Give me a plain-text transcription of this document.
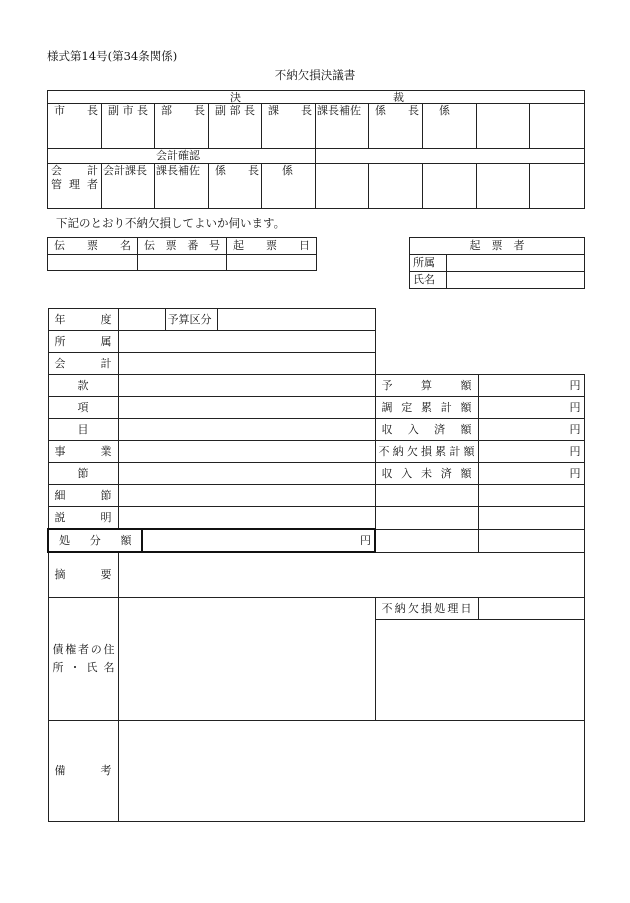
様式第14号(第34条関係)
不納欠損決議書
決 裁									

市　　長	副市長	部　　長	副部長	課　　長	課長補佐	係　　長	係		
会計確認									

会　計
管理者	会計課長	課長補佐	係　　長	係					
下記のとおり不納欠損してよいか伺います。
伝　票　名	伝票番号	起　票　日
			起　票　者	
所属	
氏名	
年　　度			予算区分			
所　　属						
会　　計						
款					予　算　額	円
項					調定累計額	円
目					収入済額	円
事　　業					不納欠損累計額	円
節					収入未済額	円
細　　節						
説　　明						
処　分　額		円				
摘　　要						

債権者の住所・氏名					不納欠損処理日	

備　　考						
